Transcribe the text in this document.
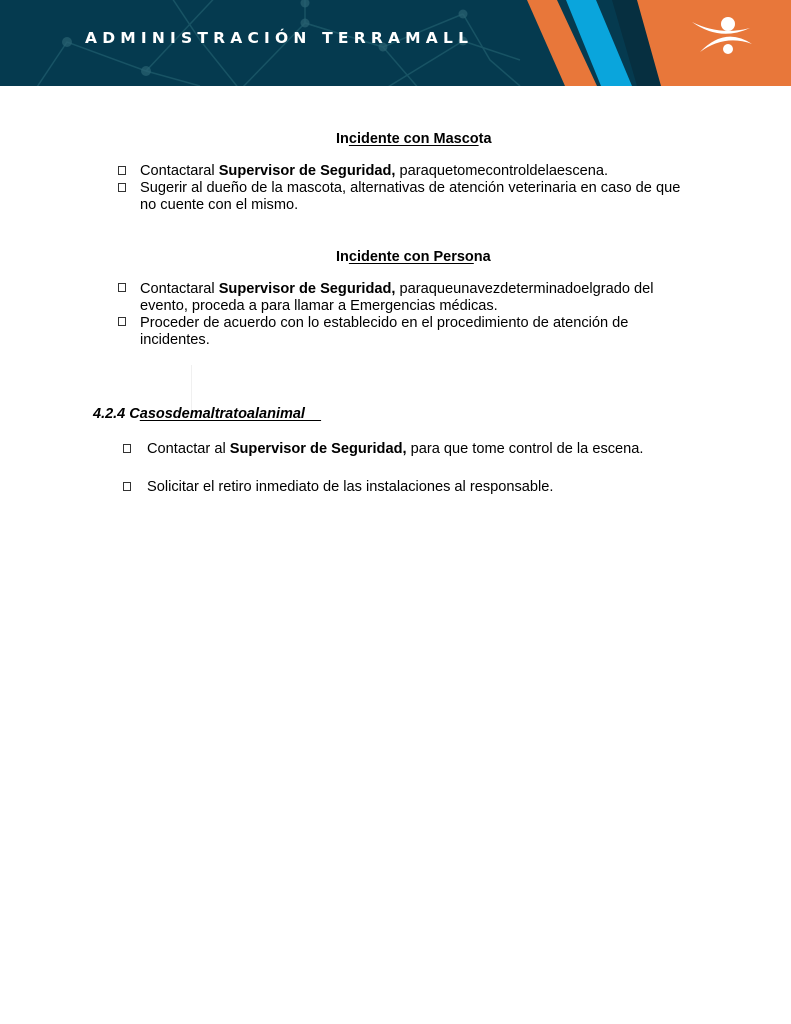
ADMINISTRACIÓN TERRAMALL
Incidente con Mascota
Contactaral Supervisor de Seguridad, paraquetomecontroldelaescena.
Sugerir al dueño de la mascota, alternativas de atención veterinaria en caso de que no cuente con el mismo.
Incidente con Persona
Contactaral Supervisor de Seguridad, paraqueunavezdeterminadoelgrado del evento, proceda a para llamar a Emergencias médicas.
Proceder de acuerdo con lo establecido en el procedimiento de atención de incidentes.
4.2.4 Casosdemaltratoalanimal
Contactar al Supervisor de Seguridad, para que tome control de la escena.
Solicitar el retiro inmediato de las instalaciones al responsable.
